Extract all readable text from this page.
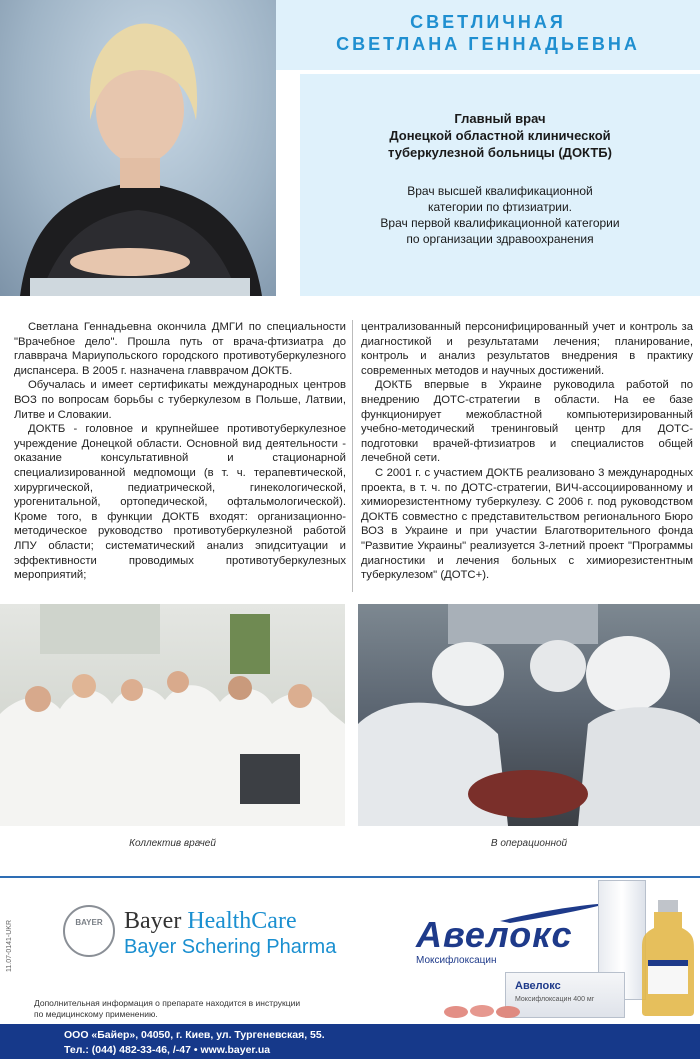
СВЕТЛИЧНАЯ
СВЕТЛАНА ГЕННАДЬЕВНА
Главный врач
Донецкой областной клинической
туберкулезной больницы (ДОКТБ)
Врач высшей квалификационной
категории по фтизиатрии.
Врач первой квалификационной категории
по организации здравоохранения

Светлана Геннадьевна окончила ДМГИ по специальности "Врачебное дело". Прошла путь от врача-фтизиатра до главврача Мариупольского городского противотуберкулезного диспансера. В 2005 г. назначена главврачом ДОКТБ.

Обучалась и имеет сертификаты международных центров ВОЗ по вопросам борьбы с туберкулезом в Польше, Латвии, Литве и Словакии.

ДОКТБ - головное и крупнейшее противотуберкулезное учреждение Донецкой области. Основной вид деятельности - оказание консультативной и стационарной специализированной медпомощи (в т. ч. терапевтической, хирургической, педиатрической, гинекологической, урогенитальной, ортопедической, офтальмологической). Кроме того, в функции ДОКТБ входят: организационно-методическое руководство противотуберкулезной работой ЛПУ области; систематический анализ эпидситуации и эффективности проводимых противотуберкулезных мероприятий;

централизованный персонифицированный учет и контроль за диагностикой и результатами лечения; планирование, контроль и анализ результатов внедрения в практику современных методов и научных достижений.

ДОКТБ впервые в Украине руководила работой по внедрению ДОТС-стратегии в области. На ее базе функционирует межобластной компьютеризированный учебно-методический тренинговый центр для ДОТС-подготовки врачей-фтизиатров и специалистов общей лечебной сети.

С 2001 г. с участием ДОКТБ реализовано 3 международных проекта, в т. ч. по ДОТС-стратегии, ВИЧ-ассоциированному и химиорезистентному туберкулезу. С 2006 г. под руководством ДОКТБ совместно с представительством регионального Бюро ВОЗ в Украине и при участии Благотворительного фонда "Развитие Украины" реализуется 3-летний проект "Программы диагностики и лечения больных с химиорезистентным туберкулезом" (ДОТС+).

Коллектив врачей	В операционной
BAYER Bayer HealthCare
Bayer Schering Pharma Авелокс
Моксифлоксацин
Авелокс
Моксифлоксацин 400 мг
Дополнительная информация о препарате находится в инструкции
по медицинскому применению.
11.07-0141-UKR
ООО «Байер», 04050, г. Киев, ул. Тургеневская, 55.
Тел.: (044) 482-33-46, /-47 • www.bayer.ua
